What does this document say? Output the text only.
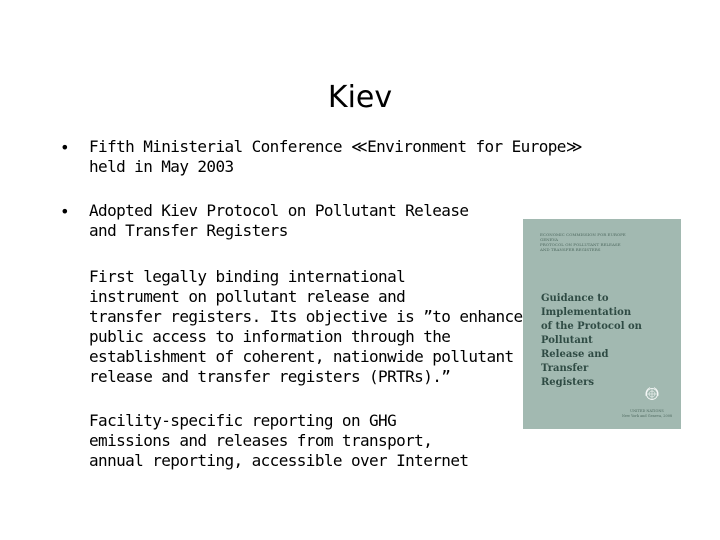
Kiev
• Fifth Ministerial Conference ≪Environment for Europe≫
held in May 2003
• Adopted Kiev Protocol on Pollutant Release
and Transfer Registers
First legally binding international
instrument on pollutant release and
transfer registers. Its objective is ”to enhance
public access to information through the
establishment of coherent, nationwide pollutant
release and transfer registers (PRTRs).”
Facility-specific reporting on GHG
emissions and releases from transport,
annual reporting, accessible over Internet
ECONOMIC COMMISSION FOR EUROPE
GENEVA
PROTOCOL ON POLLUTANT RELEASE
AND TRANSFER REGISTERS
Guidance to Implementation
of the Protocol on
Pollutant
Release and
Transfer
Registers
UNITED NATIONS
New York and Geneva, 2008
